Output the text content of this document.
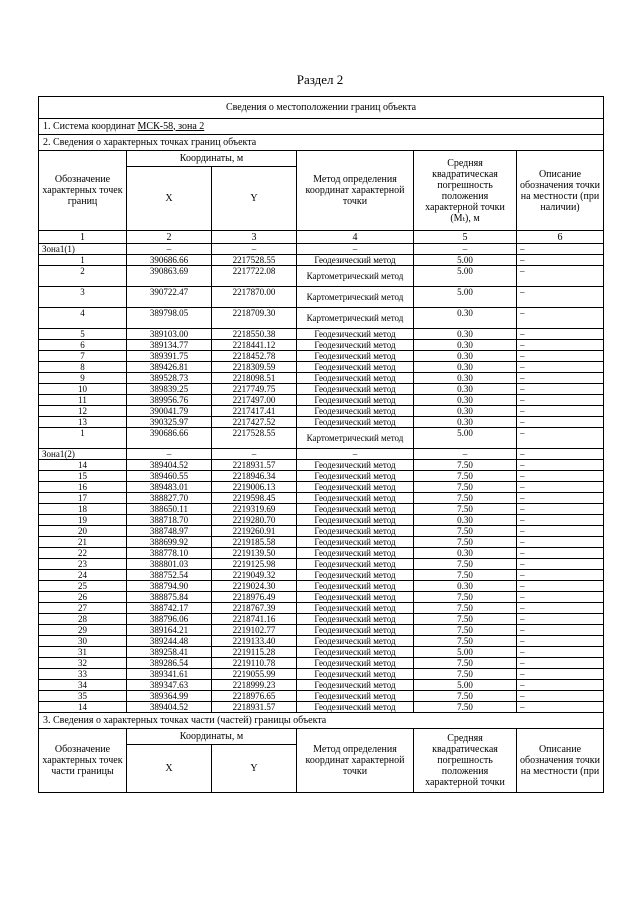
Раздел 2
Сведения о местоположении границ объекта					
1. Система координат МСК-58, зона 2					
2. Сведения о характерных точках границ объекта					
Обозначение характерных точек границ	Координаты, м		Метод определения координат характерной точки	Средняя квадратическая погрешность положения характерной точки (Mₜ), м	Описание обозначения точки на местности (при наличии)
	X	Y			
1	2	3	4	5	6
Зона1(1)	–	–	–	–	–
1	390686.66	2217528.55	Геодезический метод	5.00	–
2	390863.69	2217722.08	Картометрический метод	5.00	–
3	390722.47	2217870.00	Картометрический метод	5.00	–
4	389798.05	2218709.30	Картометрический метод	0.30	–
5	389103.00	2218550.38	Геодезический метод	0.30	–
6	389134.77	2218441.12	Геодезический метод	0.30	–
7	389391.75	2218452.78	Геодезический метод	0.30	–
8	389426.81	2218309.59	Геодезический метод	0.30	–
9	389528.73	2218098.51	Геодезический метод	0.30	–
10	389839.25	2217749.75	Геодезический метод	0.30	–
11	389956.76	2217497.00	Геодезический метод	0.30	–
12	390041.79	2217417.41	Геодезический метод	0.30	–
13	390325.97	2217427.52	Геодезический метод	0.30	–
1	390686.66	2217528.55	Картометрический метод	5.00	–
Зона1(2)	–	–	–	–	–
14	389404.52	2218931.57	Геодезический метод	7.50	–
15	389460.55	2218946.34	Геодезический метод	7.50	–
16	389483.01	2219006.13	Геодезический метод	7.50	–
17	388827.70	2219598.45	Геодезический метод	7.50	–
18	388650.11	2219319.69	Геодезический метод	7.50	–
19	388718.70	2219280.70	Геодезический метод	0.30	–
20	388748.97	2219260.91	Геодезический метод	7.50	–
21	388699.92	2219185.58	Геодезический метод	7.50	–
22	388778.10	2219139.50	Геодезический метод	0.30	–
23	388801.03	2219125.98	Геодезический метод	7.50	–
24	388752.54	2219049.32	Геодезический метод	7.50	–
25	388794.90	2219024.30	Геодезический метод	0.30	–
26	388875.84	2218976.49	Геодезический метод	7.50	–
27	388742.17	2218767.39	Геодезический метод	7.50	–
28	388796.06	2218741.16	Геодезический метод	7.50	–
29	389164.21	2219102.77	Геодезический метод	7.50	–
30	389244.48	2219133.40	Геодезический метод	7.50	–
31	389258.41	2219115.28	Геодезический метод	5.00	–
32	389286.54	2219110.78	Геодезический метод	7.50	–
33	389341.61	2219055.99	Геодезический метод	7.50	–
34	389347.63	2218999.23	Геодезический метод	5.00	–
35	389364.99	2218976.65	Геодезический метод	7.50	–
14	389404.52	2218931.57	Геодезический метод	7.50	–
3. Сведения о характерных точках части (частей) границы объекта					
Обозначение характерных точек части границы	Координаты, м		Метод определения координат характерной точки	Средняя квадратическая погрешность положения характерной точки	Описание обозначения точки на местности (при
	X	Y			
